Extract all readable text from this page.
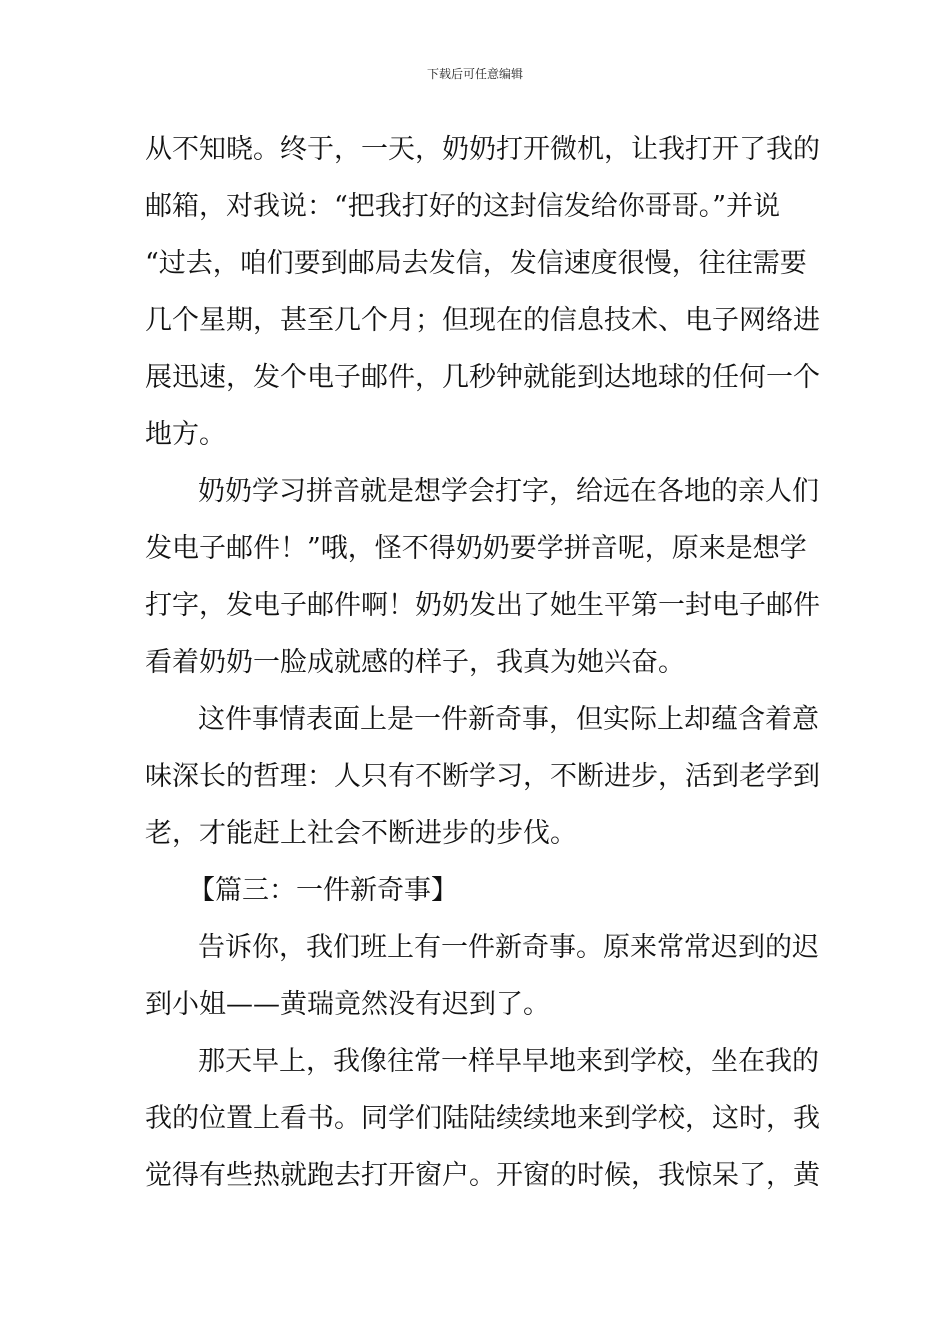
下载后可任意编辑
从不知晓。终于，一天，奶奶打开微机，让我打开了我的
邮箱，对我说：“把我打好的这封信发给你哥哥。”并说
“过去，咱们要到邮局去发信，发信速度很慢，往往需要
几个星期，甚至几个月；但现在的信息技术、电子网络进
展迅速，发个电子邮件，几秒钟就能到达地球的任何一个
地方。
奶奶学习拼音就是想学会打字，给远在各地的亲人们
发电子邮件！”哦，怪不得奶奶要学拼音呢，原来是想学
打字，发电子邮件啊！奶奶发出了她生平第一封电子邮件
看着奶奶一脸成就感的样子，我真为她兴奋。
这件事情表面上是一件新奇事，但实际上却蕴含着意
味深长的哲理：人只有不断学习，不断进步，活到老学到
老，才能赶上社会不断进步的步伐。
【篇三：一件新奇事】
告诉你，我们班上有一件新奇事。原来常常迟到的迟
到小姐——黄瑞竟然没有迟到了。
那天早上，我像往常一样早早地来到学校，坐在我的
我的位置上看书。同学们陆陆续续地来到学校，这时，我
觉得有些热就跑去打开窗户。开窗的时候，我惊呆了，黄
